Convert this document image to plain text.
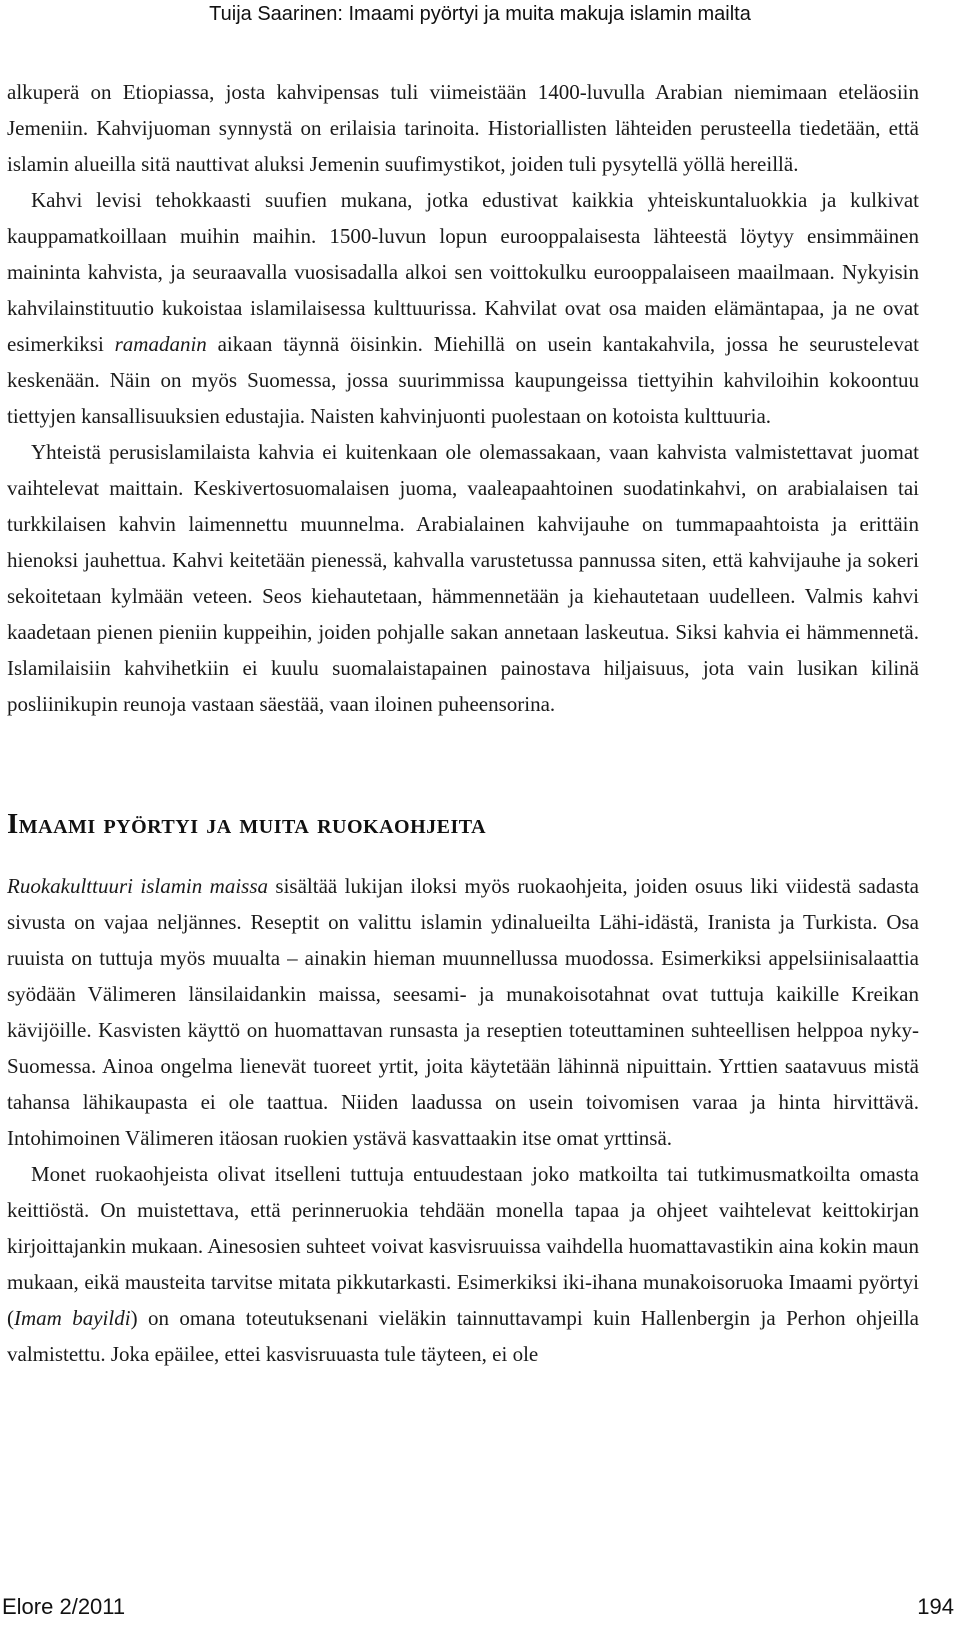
Tuija Saarinen: Imaami pyörtyi ja muita makuja islamin mailta

alkuperä on Etiopiassa, josta kahvipensas tuli viimeistään 1400-luvulla Arabian niemimaan eteläosiin Jemeniin. Kahvijuoman synnystä on erilaisia tarinoita. Historiallisten lähteiden perusteella tiedetään, että islamin alueilla sitä nauttivat aluksi Jemenin suufimystikot, joiden tuli pysytellä yöllä hereillä.

Kahvi levisi tehokkaasti suufien mukana, jotka edustivat kaikkia yhteiskuntaluokkia ja kulkivat kauppamatkoillaan muihin maihin. 1500-luvun lopun eurooppalaisesta lähteestä löytyy ensimmäinen maininta kahvista, ja seuraavalla vuosisadalla alkoi sen voittokulku eurooppalaiseen maailmaan. Nykyisin kahvilainstituutio kukoistaa islamilaisessa kulttuurissa. Kahvilat ovat osa maiden elämäntapaa, ja ne ovat esimerkiksi ramadanin aikaan täynnä öisinkin. Miehillä on usein kantakahvila, jossa he seurustelevat keskenään. Näin on myös Suomessa, jossa suurimmissa kaupungeissa tiettyihin kahviloihin kokoontuu tiettyjen kansallisuuksien edustajia. Naisten kahvinjuonti puolestaan on kotoista kulttuuria.

Yhteistä perusislamilaista kahvia ei kuitenkaan ole olemassakaan, vaan kahvista valmistettavat juomat vaihtelevat maittain. Keskivertosuomalaisen juoma, vaaleapaahtoinen suodatinkahvi, on arabialaisen tai turkkilaisen kahvin laimennettu muunnelma. Arabialainen kahvijauhe on tummapaahtoista ja erittäin hienoksi jauhettua. Kahvi keitetään pienessä, kahvalla varustetussa pannussa siten, että kahvijauhe ja sokeri sekoitetaan kylmään veteen. Seos kiehautetaan, hämmennetään ja kiehautetaan uudelleen. Valmis kahvi kaadetaan pienen pieniin kuppeihin, joiden pohjalle sakan annetaan laskeutua. Siksi kahvia ei hämmennetä. Islamilaisiin kahvihetkiin ei kuulu suomalaistapainen painostava hiljaisuus, jota vain lusikan kilinä posliinikupin reunoja vastaan säestää, vaan iloinen puheensorina.

Imaami pyörtyi ja muita ruokaohjeita

Ruokakulttuuri islamin maissa sisältää lukijan iloksi myös ruokaohjeita, joiden osuus liki viidestä sadasta sivusta on vajaa neljännes. Reseptit on valittu islamin ydinalueilta Lähi-idästä, Iranista ja Turkista. Osa ruuista on tuttuja myös muualta – ainakin hieman muunnellussa muodossa. Esimerkiksi appelsiinisalaattia syödään Välimeren länsilaidankin maissa, seesami- ja munakoisotahnat ovat tuttuja kaikille Kreikan kävijöille. Kasvisten käyttö on huomattavan runsasta ja reseptien toteuttaminen suhteellisen helppoa nyky-Suomessa. Ainoa ongelma lienevät tuoreet yrtit, joita käytetään lähinnä nipuittain. Yrttien saatavuus mistä tahansa lähikaupasta ei ole taattua. Niiden laadussa on usein toivomisen varaa ja hinta hirvittävä. Intohimoinen Välimeren itäosan ruokien ystävä kasvattaakin itse omat yrttinsä.

Monet ruokaohjeista olivat itselleni tuttuja entuudestaan joko matkoilta tai tutkimusmatkoilta omasta keittiöstä. On muistettava, että perinneruokia tehdään monella tapaa ja ohjeet vaihtelevat keittokirjan kirjoittajankin mukaan. Ainesosien suhteet voivat kasvisruuissa vaihdella huomattavastikin aina kokin maun mukaan, eikä mausteita tarvitse mitata pikkutarkasti. Esimerkiksi iki-ihana munakoisoruoka Imaami pyörtyi (Imam bayildi) on omana toteutuksenani vieläkin tainnuttavampi kuin Hallenbergin ja Perhon ohjeilla valmistettu. Joka epäilee, ettei kasvisruuasta tule täyteen, ei ole

Elore 2/2011	194
